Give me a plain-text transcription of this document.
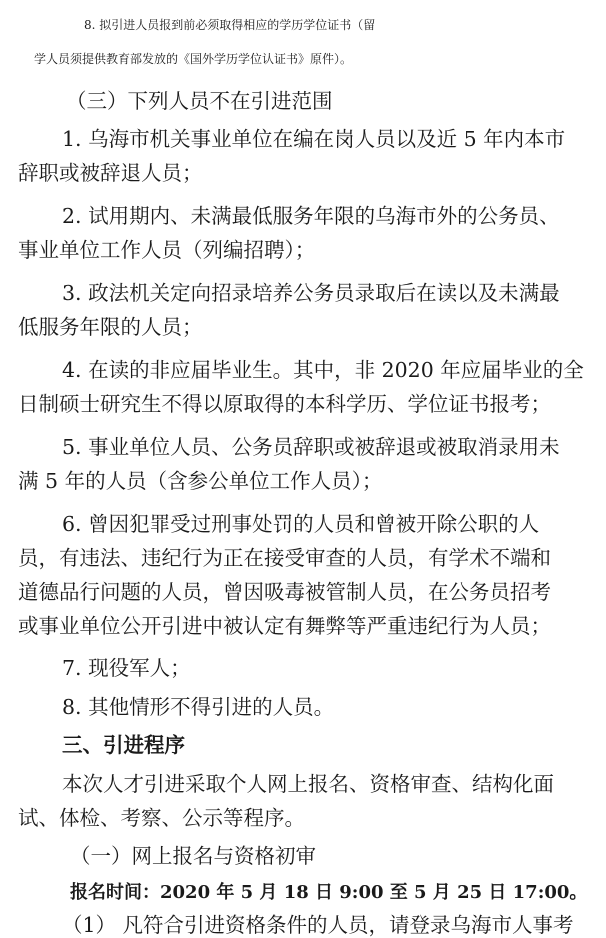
8. 拟引进人员报到前必须取得相应的学历学位证书（留
学人员须提供教育部发放的《国外学历学位认证书》原件）。
（三）下列人员不在引进范围
1. 乌海市机关事业单位在编在岗人员以及近 5 年内本市
辞职或被辞退人员；
2. 试用期内、未满最低服务年限的乌海市外的公务员、
事业单位工作人员（列编招聘）；
3. 政法机关定向招录培养公务员录取后在读以及未满最
低服务年限的人员；
4. 在读的非应届毕业生。其中，非 2020 年应届毕业的全
日制硕士研究生不得以原取得的本科学历、学位证书报考；
5. 事业单位人员、公务员辞职或被辞退或被取消录用未
满 5 年的人员（含参公单位工作人员）；
6. 曾因犯罪受过刑事处罚的人员和曾被开除公职的人
员，有违法、违纪行为正在接受审查的人员，有学术不端和
道德品行问题的人员，曾因吸毒被管制人员，在公务员招考
或事业单位公开引进中被认定有舞弊等严重违纪行为人员；
7. 现役军人；
8. 其他情形不得引进的人员。
三、引进程序
本次人才引进采取个人网上报名、资格审查、结构化面
试、体检、考察、公示等程序。
（一）网上报名与资格初审
报名时间：2020 年 5 月 18 日 9:00 至 5 月 25 日 17:00。
（1） 凡符合引进资格条件的人员，请登录乌海市人事考
